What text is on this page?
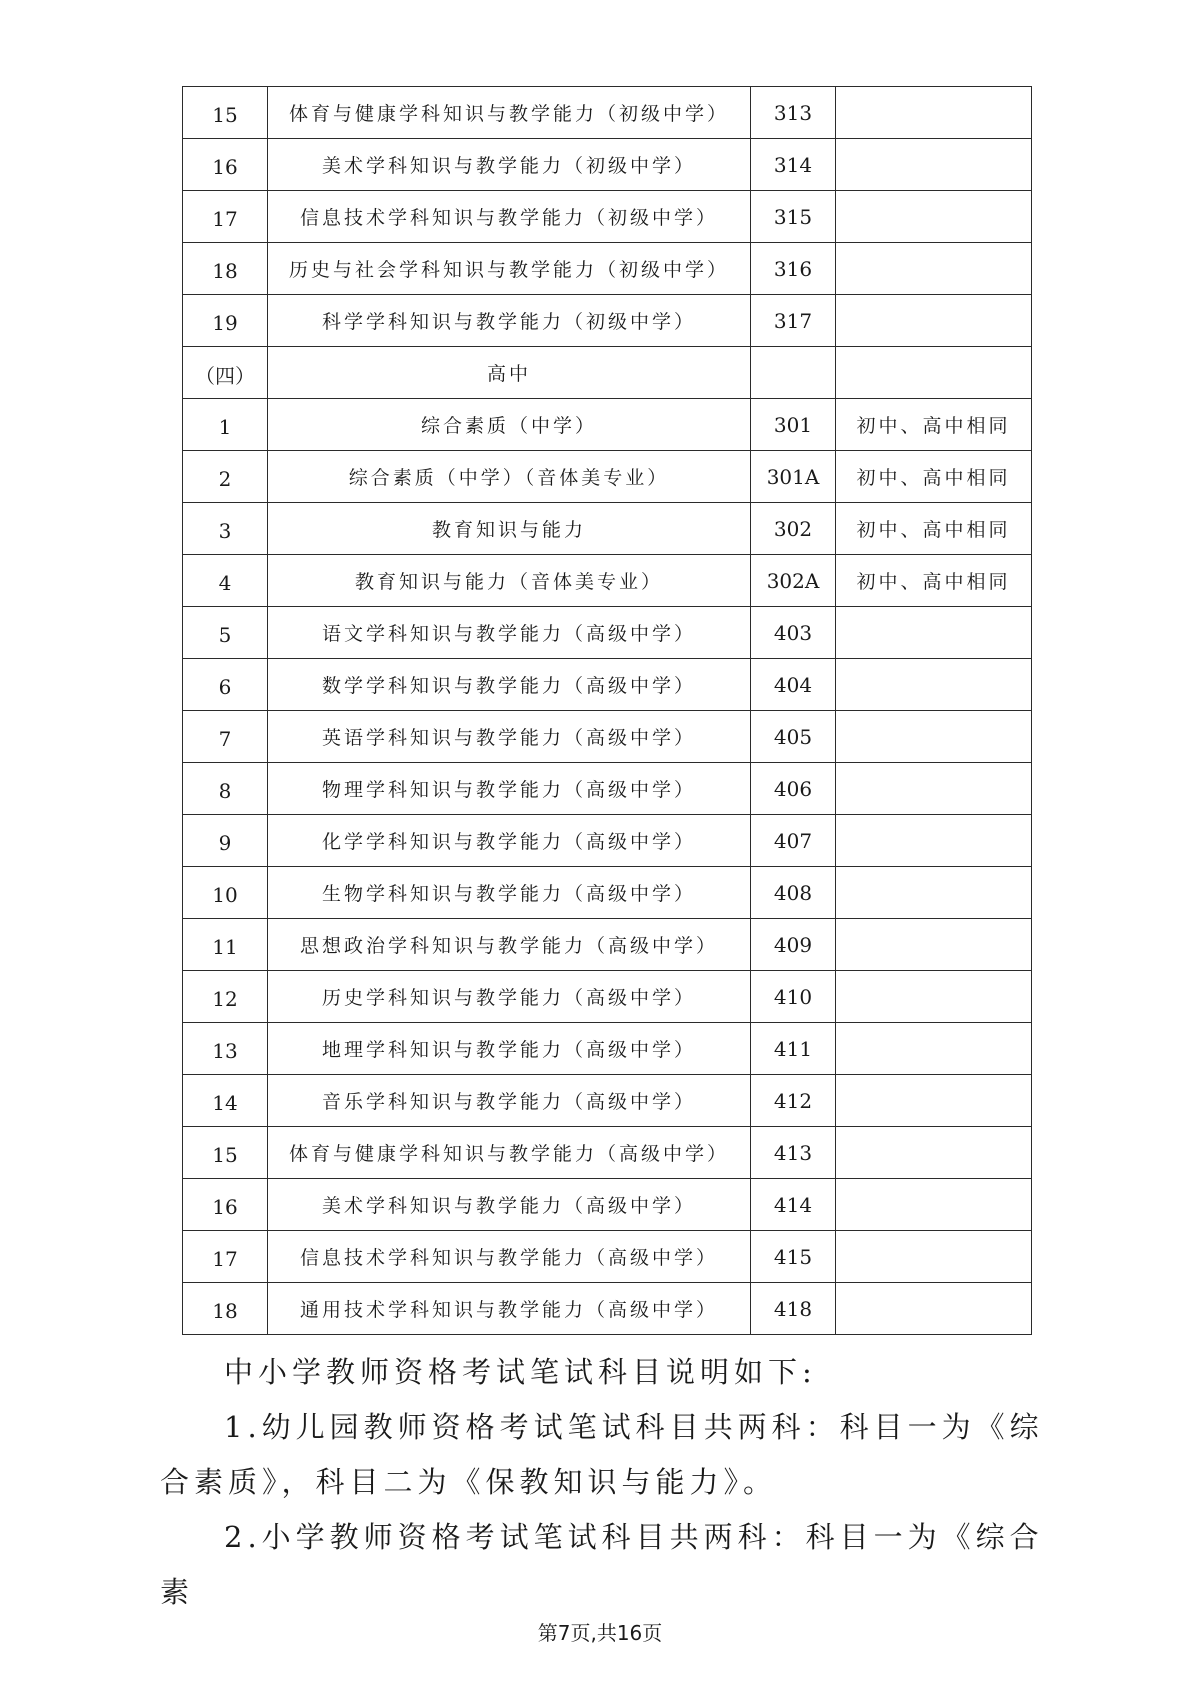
15	体育与健康学科知识与教学能力（初级中学）	313	
16	美术学科知识与教学能力（初级中学）	314	
17	信息技术学科知识与教学能力（初级中学）	315	
18	历史与社会学科知识与教学能力（初级中学）	316	
19	科学学科知识与教学能力（初级中学）	317	
（四）	高中		
1	综合素质（中学）	301	初中、高中相同
2	综合素质（中学）（音体美专业）	301A	初中、高中相同
3	教育知识与能力	302	初中、高中相同
4	教育知识与能力（音体美专业）	302A	初中、高中相同
5	语文学科知识与教学能力（高级中学）	403	
6	数学学科知识与教学能力（高级中学）	404	
7	英语学科知识与教学能力（高级中学）	405	
8	物理学科知识与教学能力（高级中学）	406	
9	化学学科知识与教学能力（高级中学）	407	
10	生物学科知识与教学能力（高级中学）	408	
11	思想政治学科知识与教学能力（高级中学）	409	
12	历史学科知识与教学能力（高级中学）	410	
13	地理学科知识与教学能力（高级中学）	411	
14	音乐学科知识与教学能力（高级中学）	412	
15	体育与健康学科知识与教学能力（高级中学）	413	
16	美术学科知识与教学能力（高级中学）	414	
17	信息技术学科知识与教学能力（高级中学）	415	
18	通用技术学科知识与教学能力（高级中学）	418	

中小学教师资格考试笔试科目说明如下:

1.幼儿园教师资格考试笔试科目共两科：科目一为《综合素质》，科目二为《保教知识与能力》。

2.小学教师资格考试笔试科目共两科：科目一为《综合素

第7页,共16页
